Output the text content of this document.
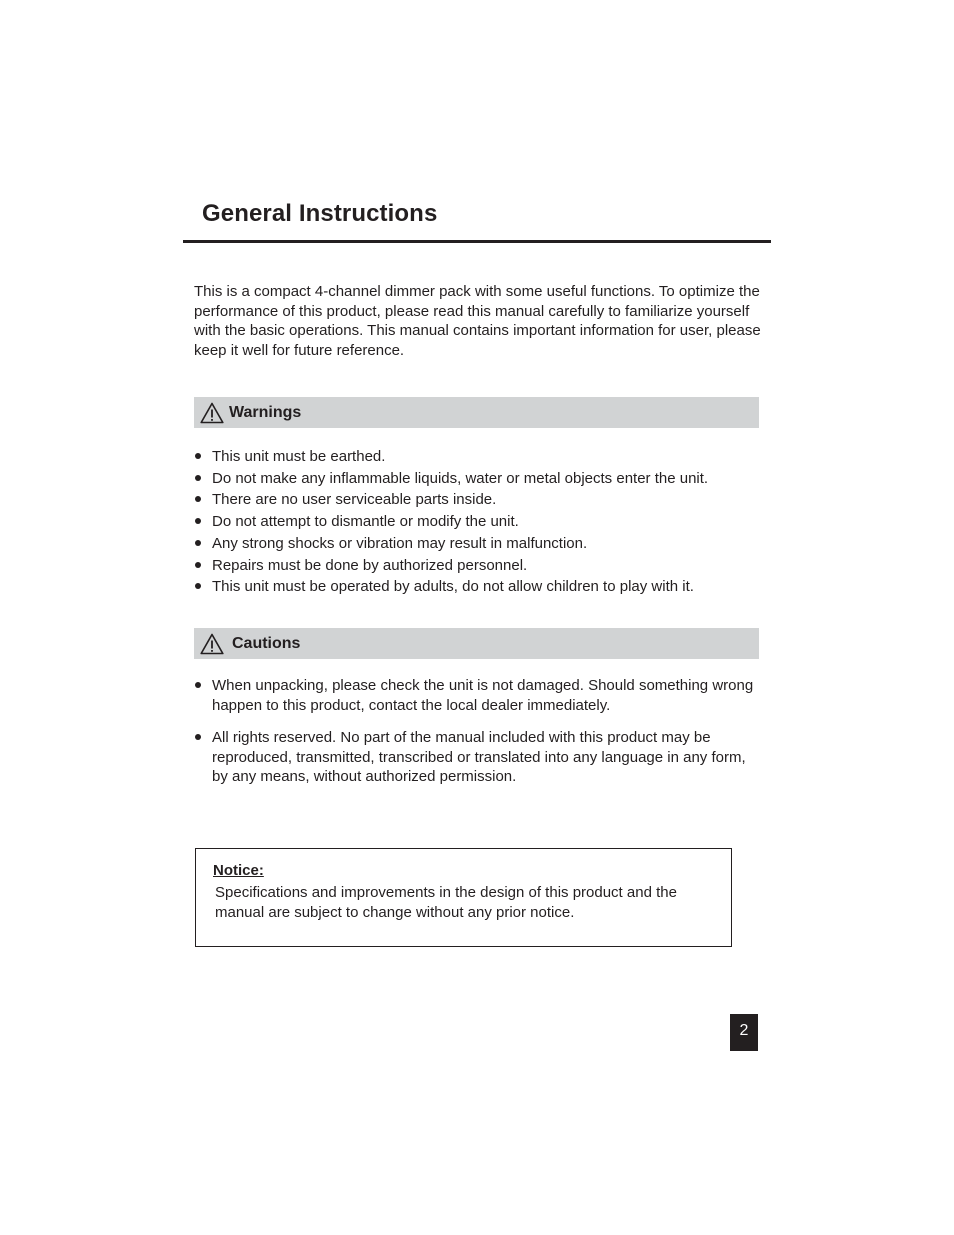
General Instructions

This is a compact 4-channel dimmer pack with some useful functions. To optimize the performance of this product, please read this manual carefully to familiarize yourself with the basic operations. This manual contains important information for user, please keep it well for future reference.

Warnings
This unit must be earthed.
Do not make any inflammable liquids, water or metal objects enter the unit.
There are no user serviceable parts inside.
Do not attempt to dismantle or modify the unit.
Any strong shocks or vibration may result in malfunction.
Repairs must be done by authorized personnel.
This unit must be operated by adults, do not allow children to play with it.
Cautions
When unpacking, please check the unit is not damaged. Should something wrong happen to this product, contact the local dealer immediately.
All rights reserved. No part of the manual included with this product may be reproduced, transmitted, transcribed or translated into any language in any form, by any means, without authorized permission.
Notice:

Specifications and improvements in the design of this product and the manual are subject to change without any prior notice.

2
